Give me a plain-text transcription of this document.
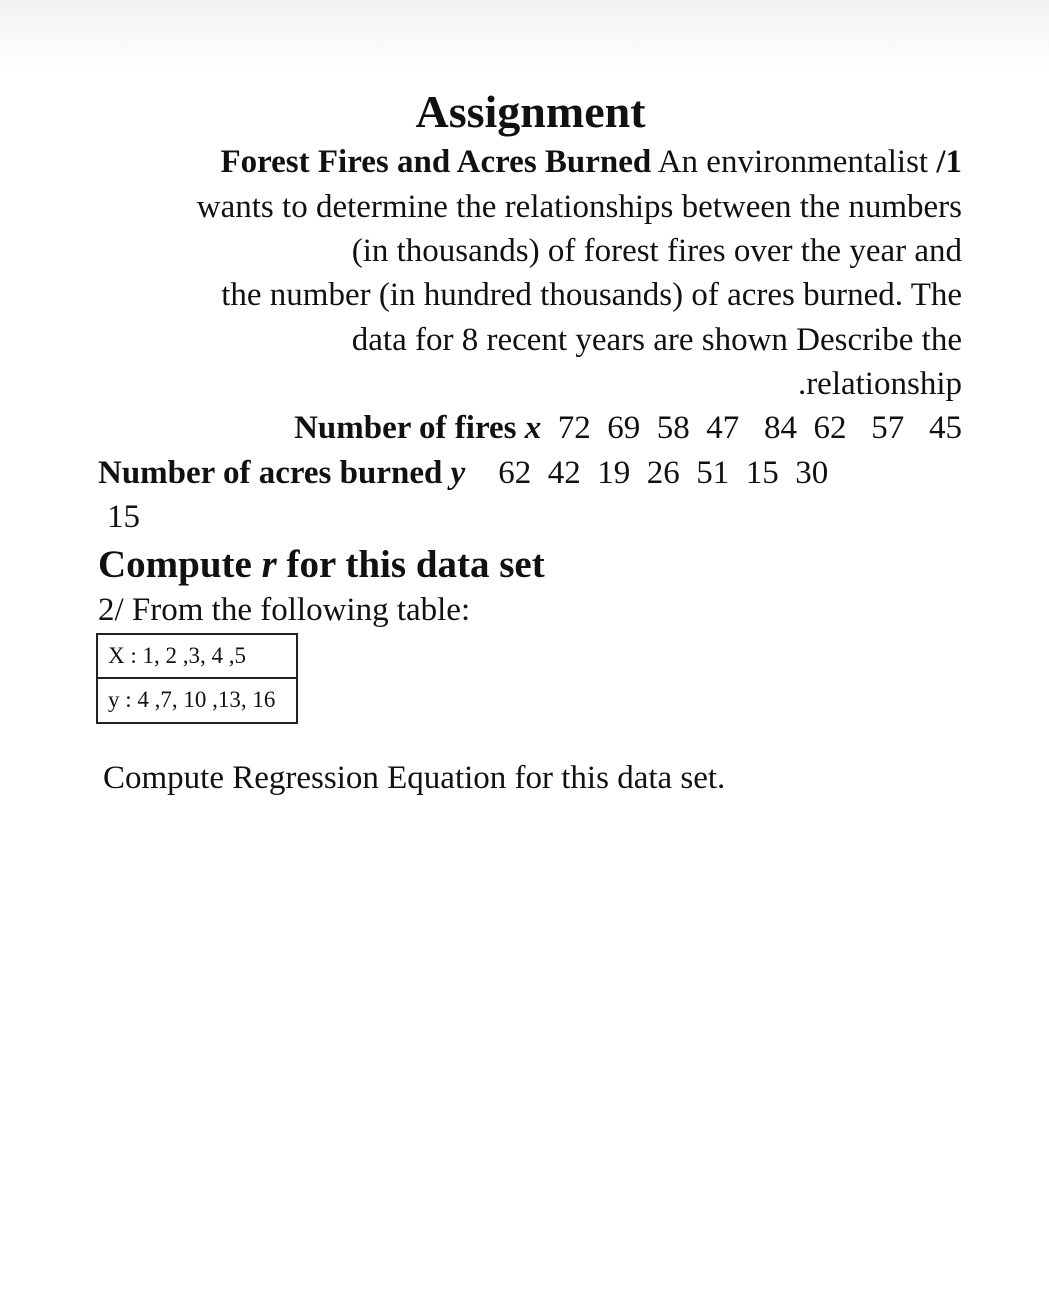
Assignment
Forest Fires and Acres Burned An environmentalist /1
wants to determine the relationships between the numbers
(in thousands) of forest fires over the year and
the number (in hundred thousands) of acres burned. The
data for 8 recent years are shown Describe the
.relationship
Number of fires x 72  69  58  47   84  62   57   45
Number of acres burned y 62  42  19  26  51  15  30
15
Compute r for this data set
2/ From the following table:
X : 1, 2 ,3, 4 ,5
y : 4 ,7, 10 ,13, 16
Compute Regression Equation for this data set.
